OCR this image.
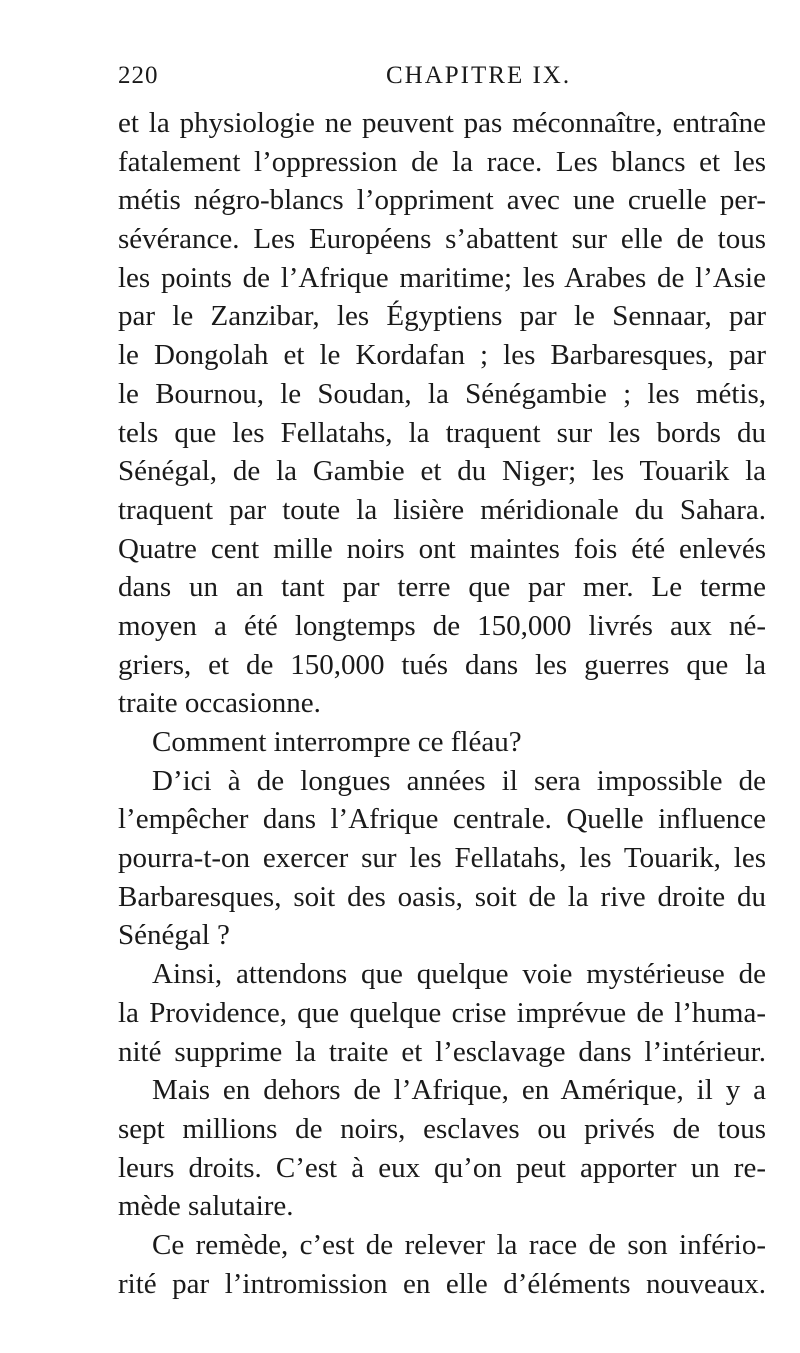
220	CHAPITRE IX.
et la physiologie ne peuvent pas méconnaître, entraîne
fatalement l’oppression de la race. Les blancs et les
métis négro-blancs l’oppriment avec une cruelle per-
sévérance. Les Européens s’abattent sur elle de tous
les points de l’Afrique maritime; les Arabes de l’Asie
par le Zanzibar, les Égyptiens par le Sennaar, par
le Dongolah et le Kordafan ; les Barbaresques, par
le Bournou, le Soudan, la Sénégambie ; les métis,
tels que les Fellatahs, la traquent sur les bords du
Sénégal, de la Gambie et du Niger; les Touarik la
traquent par toute la lisière méridionale du Sahara.
Quatre cent mille noirs ont maintes fois été enlevés
dans un an tant par terre que par mer. Le terme
moyen a été longtemps de 150,000 livrés aux né-
griers, et de 150,000 tués dans les guerres que la
traite occasionne.
Comment interrompre ce fléau?
D’ici à de longues années il sera impossible de
l’empêcher dans l’Afrique centrale. Quelle influence
pourra-t-on exercer sur les Fellatahs, les Touarik, les
Barbaresques, soit des oasis, soit de la rive droite du
Sénégal ?
Ainsi, attendons que quelque voie mystérieuse de
la Providence, que quelque crise imprévue de l’huma-
nité supprime la traite et l’esclavage dans l’intérieur.
Mais en dehors de l’Afrique, en Amérique, il y a
sept millions de noirs, esclaves ou privés de tous
leurs droits. C’est à eux qu’on peut apporter un re-
mède salutaire.
Ce remède, c’est de relever la race de son infério-
rité par l’intromission en elle d’éléments nouveaux.
